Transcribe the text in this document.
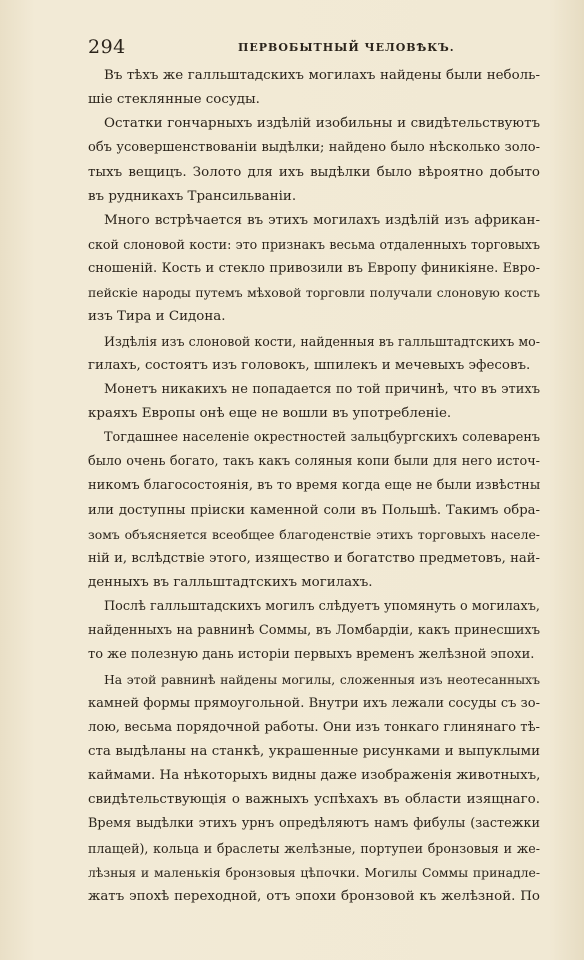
294	ПЕРВОБЫТНЫЙ ЧЕЛОВѢКЪ.
Въ тѣхъ же галльштадскихъ могилахъ найдены были неболь-
шіе стеклянные сосуды.
Остатки гончарныхъ издѣлій изобильны и свидѣтельствуютъ
объ усовершенствованіи выдѣлки; найдено было нѣсколько золо-
тыхъ вещицъ. Золото для ихъ выдѣлки было вѣроятно добыто
въ рудникахъ Трансильваніи.
Много встрѣчается въ этихъ могилахъ издѣлій изъ африкан-
ской слоновой кости: это признакъ весьма отдаленныхъ торговыхъ
сношеній. Кость и стекло привозили въ Европу финикіяне. Евро-
пейскіе народы путемъ мѣховой торговли получали слоновую кость
изъ Тира и Сидона.
Издѣлія изъ слоновой кости, найденныя въ галльштадтскихъ мо-
гилахъ, состоятъ изъ головокъ, шпилекъ и мечевыхъ эфесовъ.
Монетъ никакихъ не попадается по той причинѣ, что въ этихъ
краяхъ Европы онѣ еще не вошли въ употребленіе.
Тогдашнее населеніе окрестностей зальцбургскихъ солеваренъ
было очень богато, такъ какъ соляныя копи были для него источ-
никомъ благосостоянія, въ то время когда еще не были извѣстны
или доступны пріиски каменной соли въ Польшѣ. Такимъ обра-
зомъ объясняется всеобщее благоденствіе этихъ торговыхъ населе-
ній и, вслѣдствіе этого, изящество и богатство предметовъ, най-
денныхъ въ галльштадтскихъ могилахъ.
Послѣ галльштадскихъ могилъ слѣдуетъ упомянуть о могилахъ,
найденныхъ на равнинѣ Соммы, въ Ломбардіи, какъ принесшихъ
то же полезную дань исторіи первыхъ временъ желѣзной эпохи.
На этой равнинѣ найдены могилы, сложенныя изъ неотесанныхъ
камней формы прямоугольной. Внутри ихъ лежали сосуды съ зо-
лою, весьма порядочной работы. Они изъ тонкаго глинянаго тѣ-
ста выдѣланы на станкѣ, украшенные рисунками и выпуклыми
каймами. На нѣкоторыхъ видны даже изображенія животныхъ,
свидѣтельствующія о важныхъ успѣхахъ въ области изящнаго.
Время выдѣлки этихъ урнъ опредѣляютъ намъ фибулы (застежки
плащей), кольца и браслеты желѣзные, портупеи бронзовыя и же-
лѣзныя и маленькія бронзовыя цѣпочки. Могилы Соммы принадле-
жатъ эпохѣ переходной, отъ эпохи бронзовой къ желѣзной. По
